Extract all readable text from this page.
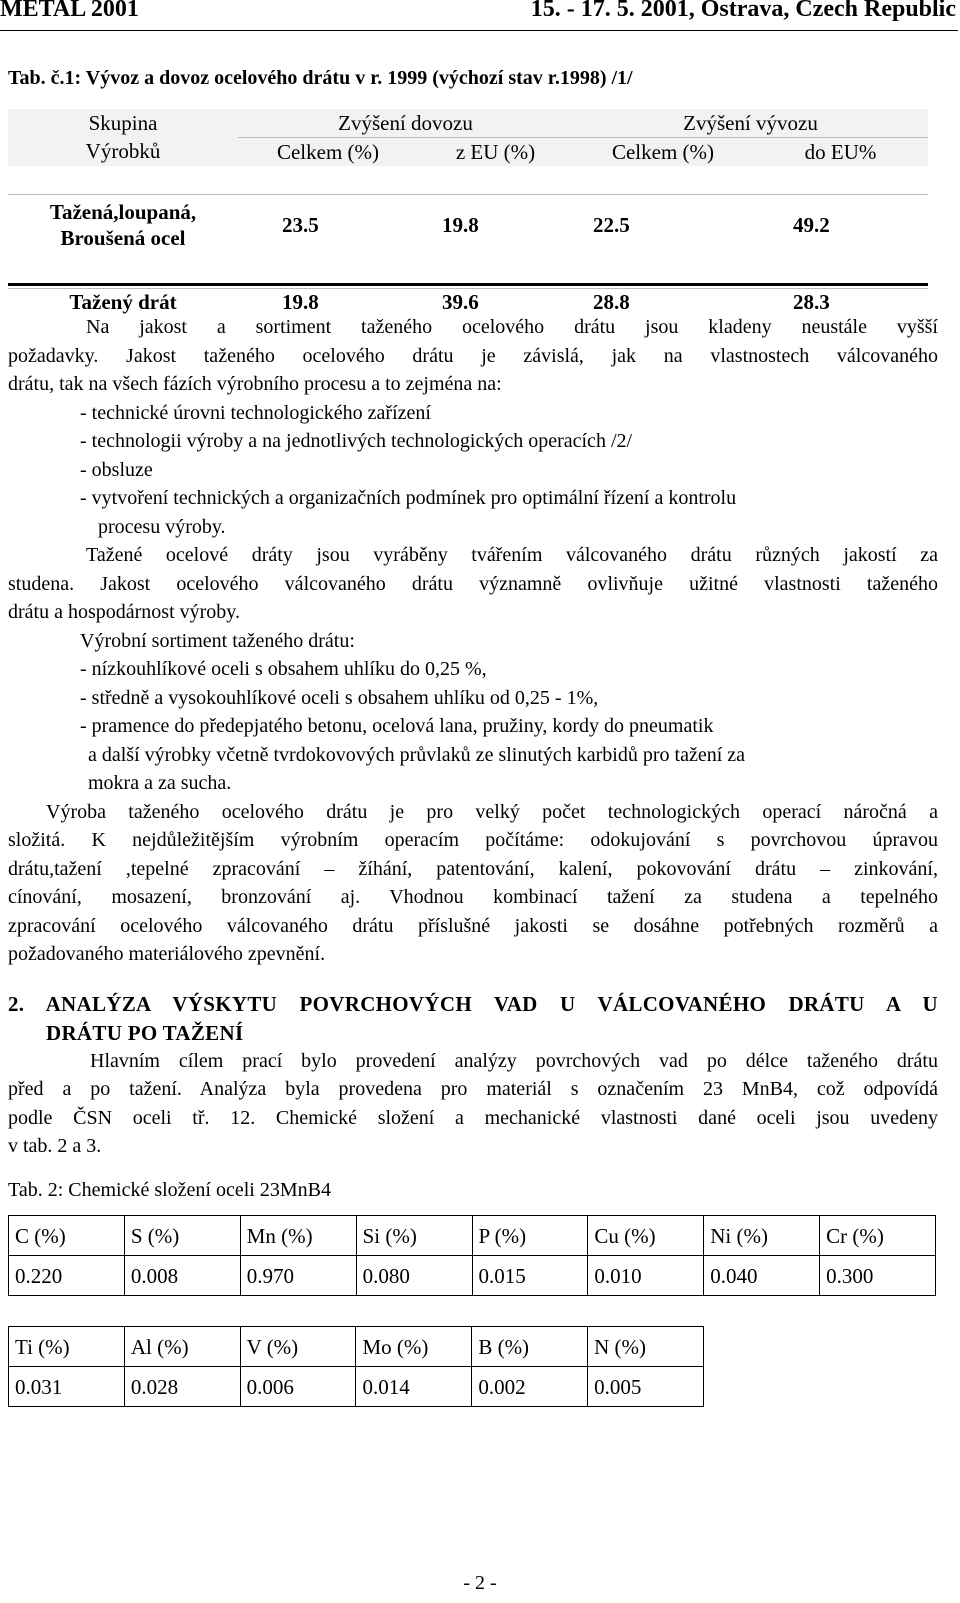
METAL 2001	15. - 17. 5. 2001, Ostrava, Czech Republic
Tab. č.1: Vývoz a dovoz ocelového drátu v r. 1999 (výchozí stav r.1998) /1/
Skupina	Zvýšení dovozu		Zvýšení vývozu	
Výrobků	Celkem (%)	z EU (%)	Celkem (%)	do EU%

Tažená,loupaná,
Broušená ocel	23.5	19.8	22.5	49.2

Tažený drát	19.8	39.6	28.8	28.3
Na jakost a sortiment taženého ocelového drátu jsou kladeny neustále vyšší
požadavky. Jakost taženého ocelového drátu je závislá, jak na vlastnostech válcovaného
drátu, tak na všech fázích výrobního procesu a to zejména na:
- technické úrovni technologického zařízení
- technologii výroby a na jednotlivých technologických operacích /2/
- obsluze
- vytvoření technických a organizačních podmínek pro optimální řízení a kontrolu
procesu výroby.
Tažené ocelové dráty jsou vyráběny tvářením válcovaného drátu různých jakostí za
studena. Jakost ocelového válcovaného drátu významně ovlivňuje užitné vlastnosti taženého
drátu a hospodárnost výroby.
Výrobní sortiment taženého drátu:
- nízkouhlíkové oceli s obsahem uhlíku do 0,25 %,
- středně a vysokouhlíkové oceli s obsahem uhlíku od 0,25 - 1%,
- pramence do předepjatého betonu, ocelová lana, pružiny, kordy do pneumatik
a další výrobky včetně tvrdokovových průvlaků ze slinutých karbidů pro tažení za
mokra a za sucha.
Výroba taženého ocelového drátu je pro velký počet technologických operací náročná a
složitá. K nejdůležitějším výrobním operacím počítáme: odokujování s povrchovou úpravou
drátu,tažení ,tepelné zpracování – žíhání, patentování, kalení, pokovování drátu – zinkování,
cínování, mosazení, bronzování aj. Vhodnou kombinací tažení za studena a tepelného
zpracování ocelového válcovaného drátu příslušné jakosti se dosáhne potřebných rozměrů a
požadovaného materiálového zpevnění.
2. ANALÝZA VÝSKYTU POVRCHOVÝCH VAD U VÁLCOVANÉHO DRÁTU A U
DRÁTU PO TAŽENÍ
Hlavním cílem prací bylo provedení analýzy povrchových vad po délce taženého drátu
před a po tažení. Analýza byla provedena pro materiál s označením 23 MnB4, což odpovídá
podle ČSN oceli tř. 12. Chemické složení a mechanické vlastnosti dané oceli jsou uvedeny
v tab. 2 a 3.
Tab. 2: Chemické složení oceli 23MnB4
C (%)	S (%)	Mn (%)	Si (%)	P (%)	Cu (%)	Ni (%)	Cr (%)
0.220	0.008	0.970	0.080	0.015	0.010	0.040	0.300
Ti (%)	Al (%)	V (%)	Mo (%)	B (%)	N (%)
0.031	0.028	0.006	0.014	0.002	0.005
- 2 -
